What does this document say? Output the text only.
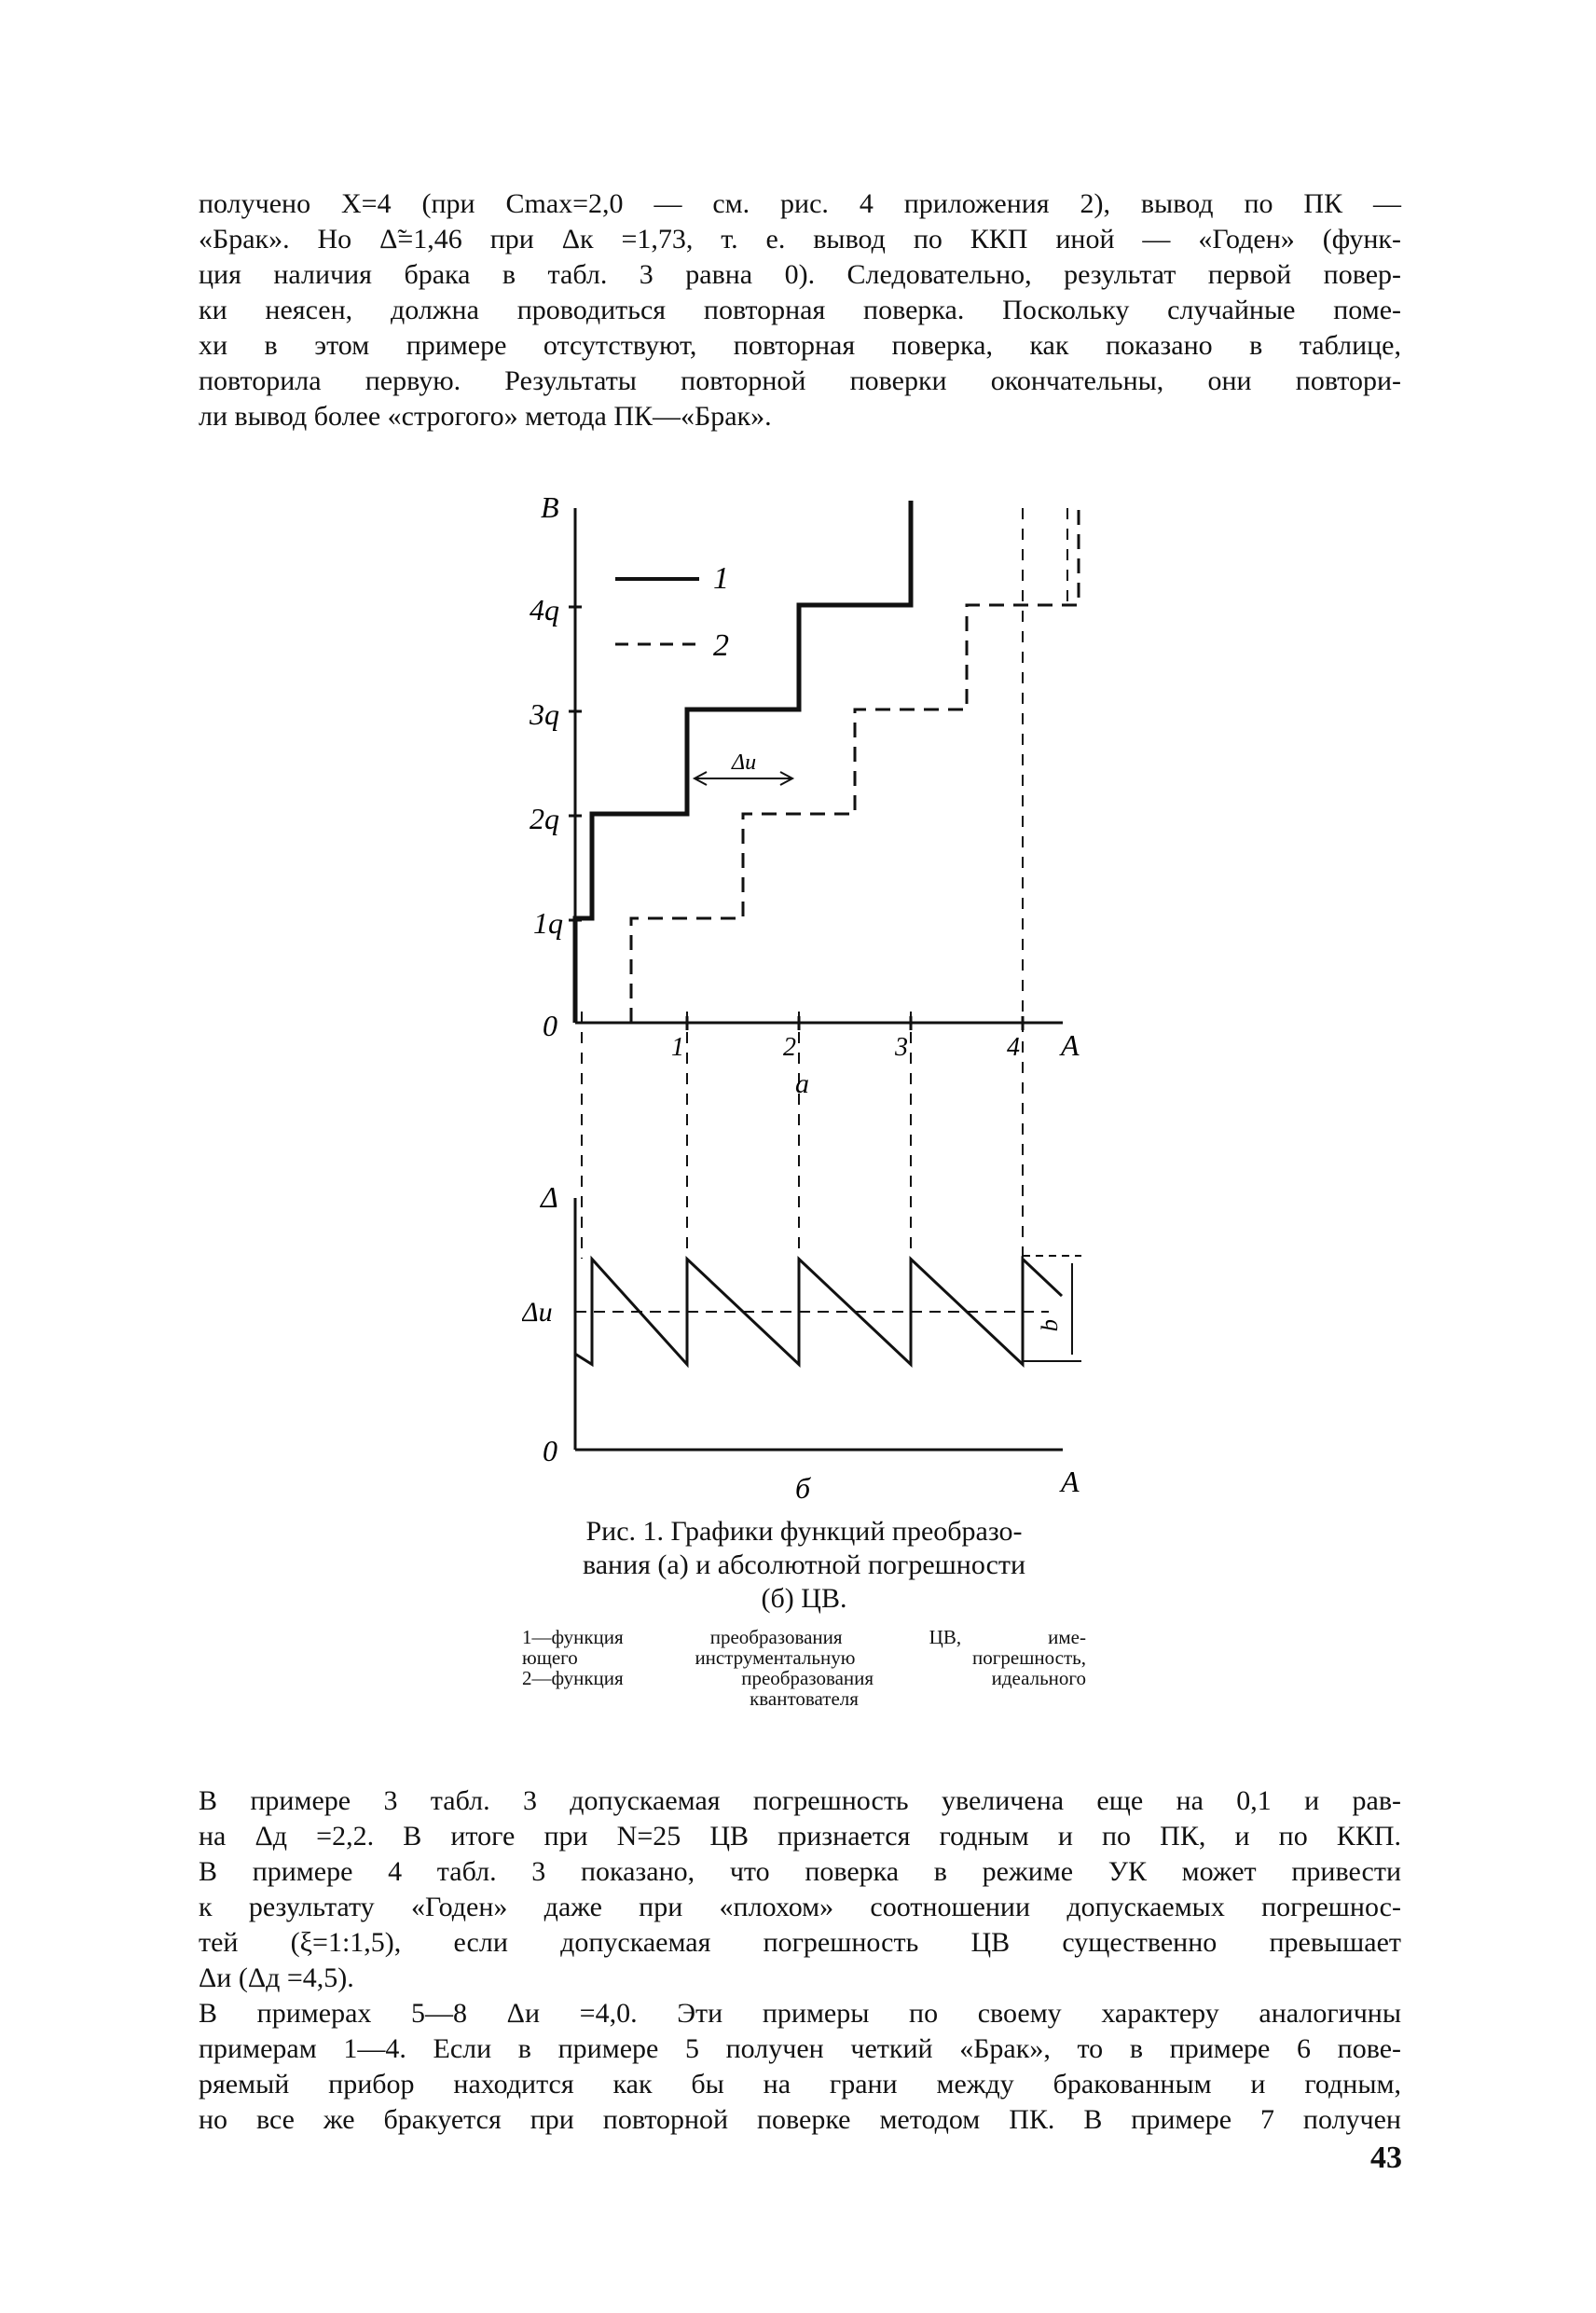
получено X=4 (при Cmax=2,0 — см. рис. 4 приложения 2), вывод по ПК —
«Брак». Но Δ̃=1,46 при Δк =1,73, т. е. вывод по ККП иной — «Годен» (функ-
ция наличия брака в табл. 3 равна 0). Следовательно, результат первой повер-
ки неясен, должна проводиться повторная поверка. Поскольку случайные поме-
хи в этом примере отсутствуют, повторная поверка, как показано в таблице,
повторила первую. Результаты повторной поверки окончательны, они повтори-
ли вывод более «строгого» метода ПК—«Брак».
B
4q
3q
2q
1q
0
1
2
Δи
1	2	3	4 A
a
Δ
Δи
0
A
б
q

Рис. 1. Графики функций преобразо-
вания (а) и абсолютной погрешности
(б) ЦВ.

1—функция преобразования ЦВ, име-
ющего инструментальную погрешность,
2—функция преобразования идеального
квантователя

В примере 3 табл. 3 допускаемая погрешность увеличена еще на 0,1 и рав-
на Δд =2,2. В итоге при N=25 ЦВ признается годным и по ПК, и по ККП.
В примере 4 табл. 3 показано, что поверка в режиме УК может привести
к результату «Годен» даже при «плохом» соотношении допускаемых погрешнос-
тей (ξ=1:1,5), если допускаемая погрешность ЦВ существенно превышает
Δи (Δд =4,5).
В примерах 5—8 Δи =4,0. Эти примеры по своему характеру аналогичны
примерам 1—4. Если в примере 5 получен четкий «Брак», то в примере 6 пове-
ряемый прибор находится как бы на грани между бракованным и годным,
но все же бракуется при повторной поверке методом ПК. В примере 7 получен
43
